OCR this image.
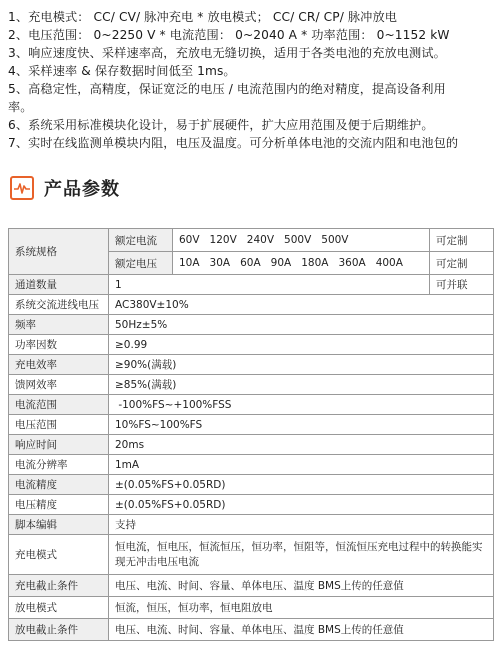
1、充电模式： CC/ CV/ 脉冲充电 * 放电模式； CC/ CR/ CP/ 脉冲放电
2、电压范围： 0~2250 V * 电流范围： 0~2040 A * 功率范围： 0~1152 kW
3、响应速度快、采样速率高，充放电无缝切换，适用于各类电池的充放电测试。
4、采样速率 & 保存数据时间低至 1ms。
5、高稳定性，高精度，保证宽泛的电压 / 电流范围内的绝对精度，提高设备利用
率。
6、系统采用标准模块化设计，易于扩展硬件，扩大应用范围及便于后期维护。
7、实时在线监测单模块内阻，电压及温度。可分析单体电池的交流内阻和电池包的
产品参数
系统规格	额定电流	60V   120V   240V   500V   500V	可定制
	额定电压	10A   30A   60A   90A   180A   360A   400A	可定制
通道数量	1		可并联
系统交流进线电压	AC380V±10%		
频率	50Hz±5%		
功率因数	≥0.99		
充电效率	≥90%(满载)		
馈网效率	≥85%(满载)		
电流范围	-100%FS~+100%FSS		
电压范围	10%FS~100%FS		
响应时间	20ms		
电流分辨率	1mA		
电流精度	±(0.05%FS+0.05RD)		
电压精度	±(0.05%FS+0.05RD)		
脚本编辑	支持		
充电模式	恒电流，恒电压，恒流恒压，恒功率，恒阻等，恒流恒压充电过程中的转换能实现无冲击电压电流		
充电截止条件	电压、电流、时间、容量、单体电压、温度 BMS上传的任意值		
放电模式	恒流，恒压，恒功率，恒电阻放电		
放电截止条件	电压、电流、时间、容量、单体电压、温度 BMS上传的任意值		
